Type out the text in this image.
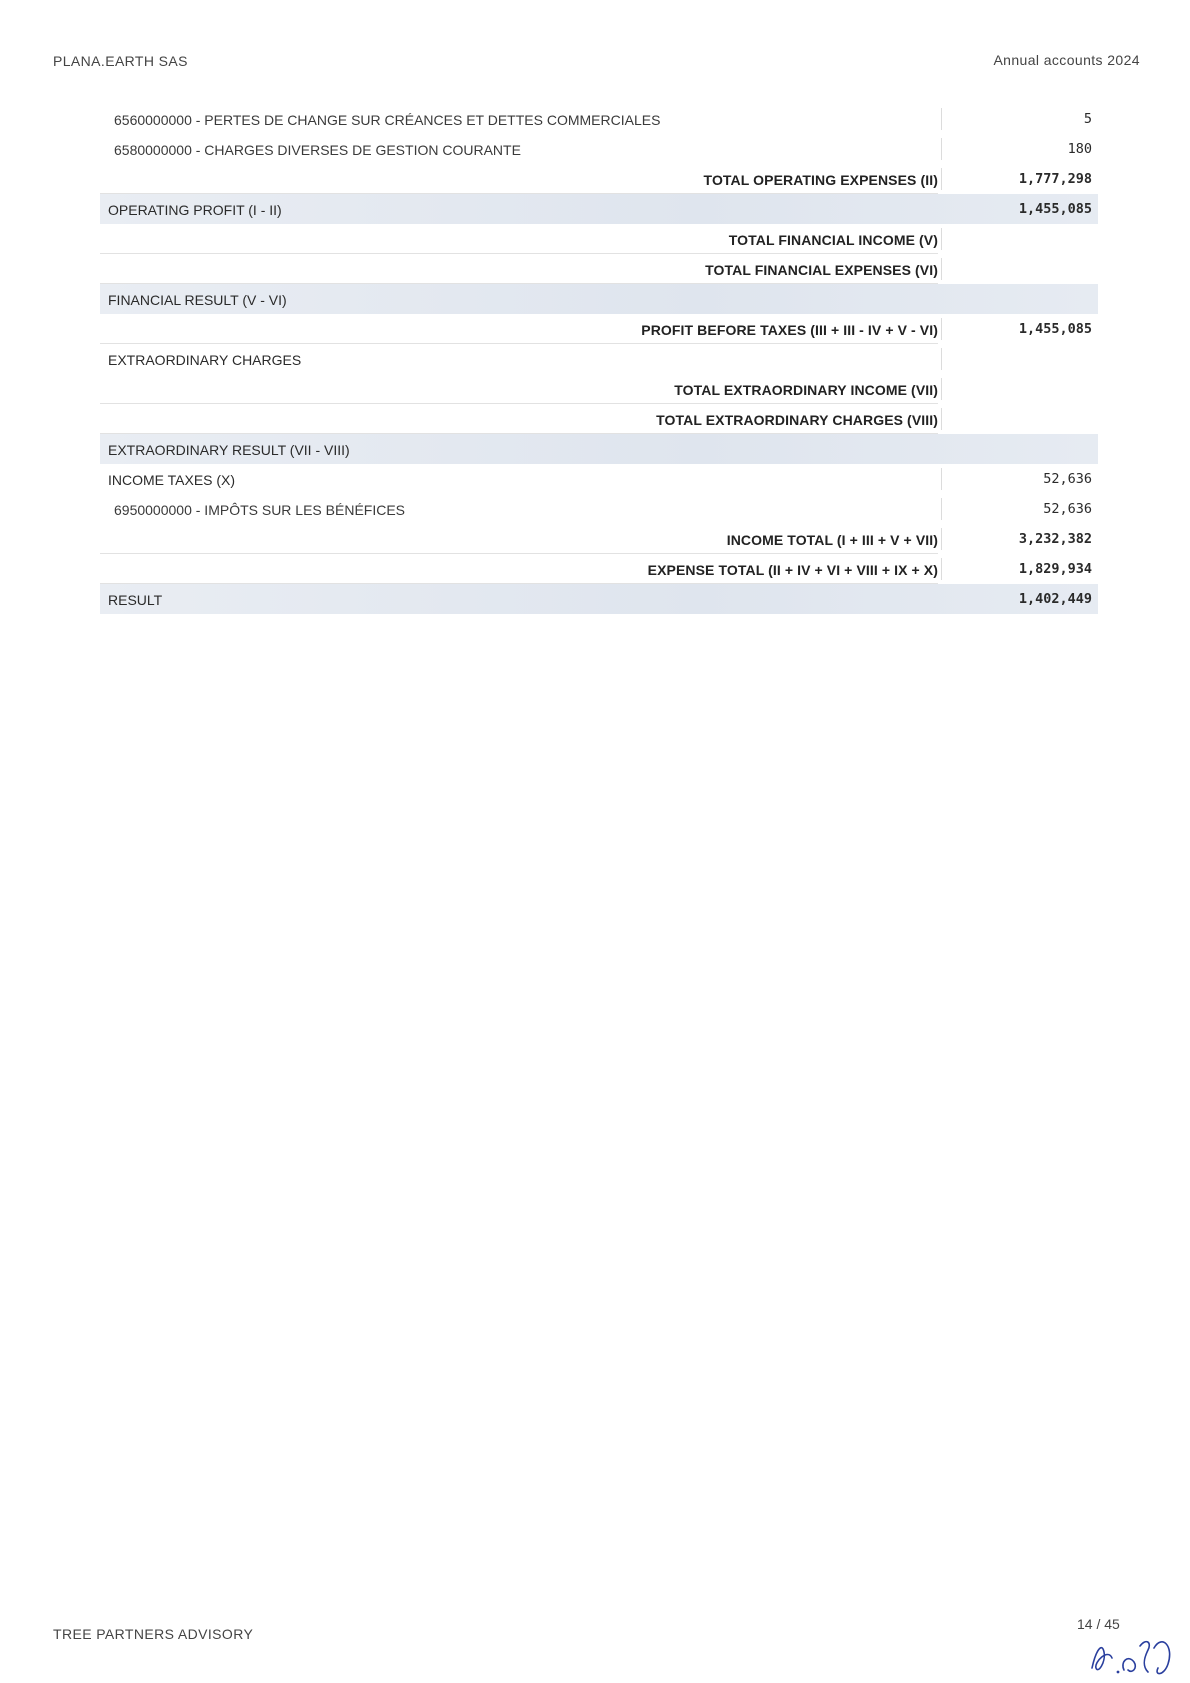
PLANA.EARTH SAS	Annual accounts 2024
6560000000 - PERTES DE CHANGE SUR CRÉANCES ET DETTES COMMERCIALES	5
6580000000 - CHARGES DIVERSES DE GESTION COURANTE	180
TOTAL OPERATING EXPENSES (II)	1,777,298
OPERATING PROFIT (I - II)	1,455,085
TOTAL FINANCIAL INCOME (V)
TOTAL FINANCIAL EXPENSES (VI)
FINANCIAL RESULT (V - VI)
PROFIT BEFORE TAXES (III + III - IV + V - VI)	1,455,085
EXTRAORDINARY CHARGES
TOTAL EXTRAORDINARY INCOME (VII)
TOTAL EXTRAORDINARY CHARGES (VIII)
EXTRAORDINARY RESULT (VII - VIII)
INCOME TAXES (X)	52,636
6950000000 - IMPÔTS SUR LES BÉNÉFICES	52,636
INCOME TOTAL (I + III + V + VII)	3,232,382
EXPENSE TOTAL (II + IV + VI + VIII + IX + X)	1,829,934
RESULT	1,402,449
TREE PARTNERS ADVISORY
14 / 45
